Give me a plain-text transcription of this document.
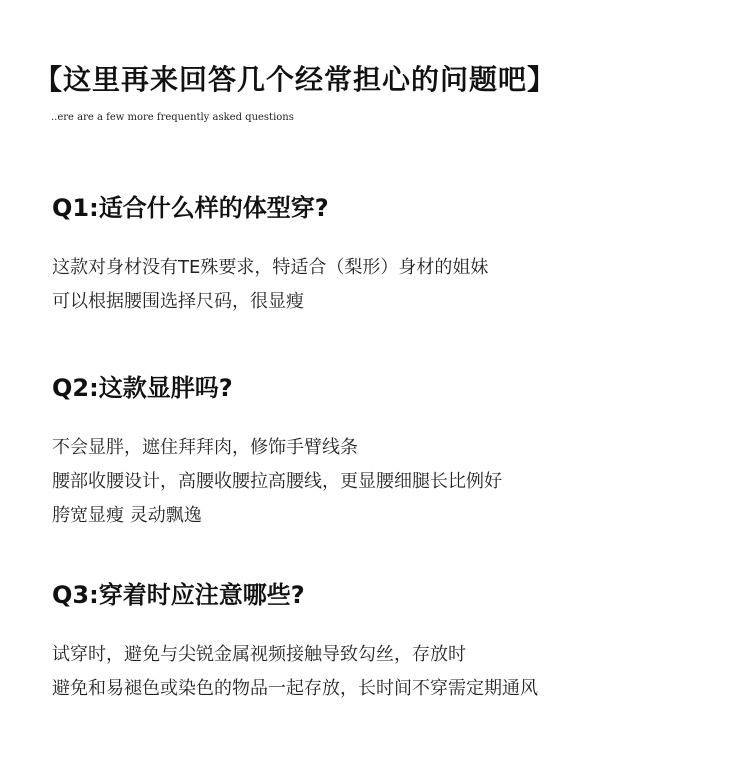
【这里再来回答几个经常担心的问题吧】
..ere are a few more frequently asked questions
Q1:适合什么样的体型穿?
这款对身材没有TE殊要求，特适合（梨形）身材的姐妹
可以根据腰围选择尺码，很显瘦
Q2:这款显胖吗?
不会显胖，遮住拜拜肉，修饰手臂线条
腰部收腰设计，高腰收腰拉高腰线，更显腰细腿长比例好
胯宽显瘦 灵动飘逸
Q3:穿着时应注意哪些?
试穿时，避免与尖锐金属视频接触导致勾丝，存放时
避免和易褪色或染色的物品一起存放，长时间不穿需定期通风
